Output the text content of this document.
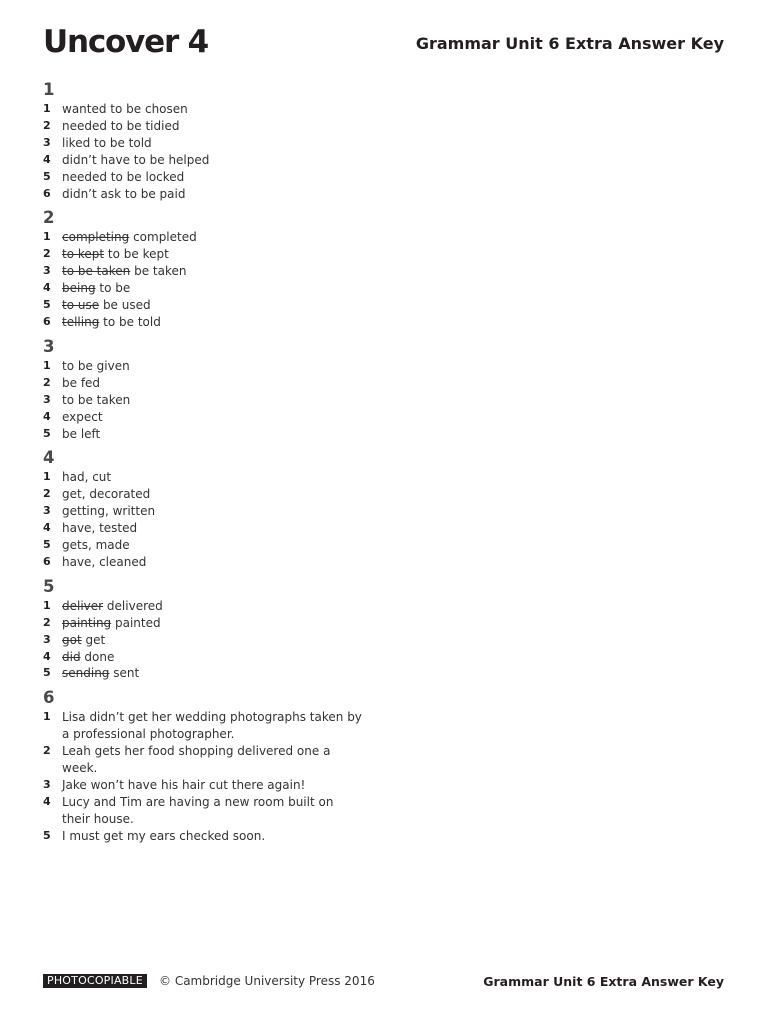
Uncover 4	Grammar Unit 6 Extra Answer Key
1
1 wanted to be chosen
2 needed to be tidied
3 liked to be told
4 didn’t have to be helped
5 needed to be locked
6 didn’t ask to be paid
2
1 completing completed
2 to kept to be kept
3 to be taken be taken
4 being to be
5 to use be used
6 telling to be told
3
1 to be given
2 be fed
3 to be taken
4 expect
5 be left
4
1 had, cut
2 get, decorated
3 getting, written
4 have, tested
5 gets, made
6 have, cleaned
5
1 deliver delivered
2 painting painted
3 got get
4 did done
5 sending sent
6
1 Lisa didn’t get her wedding photographs taken by a professional photographer.
2 Leah gets her food shopping delivered one a week.
3 Jake won’t have his hair cut there again!
4 Lucy and Tim are having a new room built on their house.
5 I must get my ears checked soon.
PHOTOCOPIABLE	© Cambridge University Press 2016	Grammar Unit 6 Extra Answer Key
